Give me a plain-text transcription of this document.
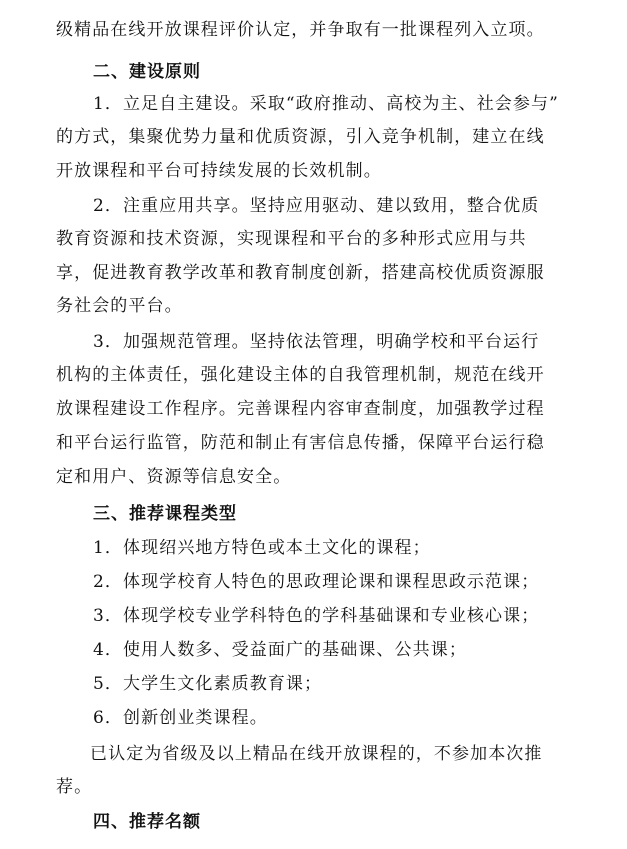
级精品在线开放课程评价认定，并争取有一批课程列入立项。
二、建设原则
1．立足自主建设。采取“政府推动、高校为主、社会参与”
的方式，集聚优势力量和优质资源，引入竞争机制，建立在线
开放课程和平台可持续发展的长效机制。
2．注重应用共享。坚持应用驱动、建以致用，整合优质
教育资源和技术资源，实现课程和平台的多种形式应用与共
享，促进教育教学改革和教育制度创新，搭建高校优质资源服
务社会的平台。
3．加强规范管理。坚持依法管理，明确学校和平台运行
机构的主体责任，强化建设主体的自我管理机制，规范在线开
放课程建设工作程序。完善课程内容审查制度，加强教学过程
和平台运行监管，防范和制止有害信息传播，保障平台运行稳
定和用户、资源等信息安全。
三、推荐课程类型
1．体现绍兴地方特色或本土文化的课程；
2．体现学校育人特色的思政理论课和课程思政示范课；
3．体现学校专业学科特色的学科基础课和专业核心课；
4．使用人数多、受益面广的基础课、公共课；
5．大学生文化素质教育课；
6．创新创业类课程。
已认定为省级及以上精品在线开放课程的，不参加本次推
荐。
四、推荐名额
